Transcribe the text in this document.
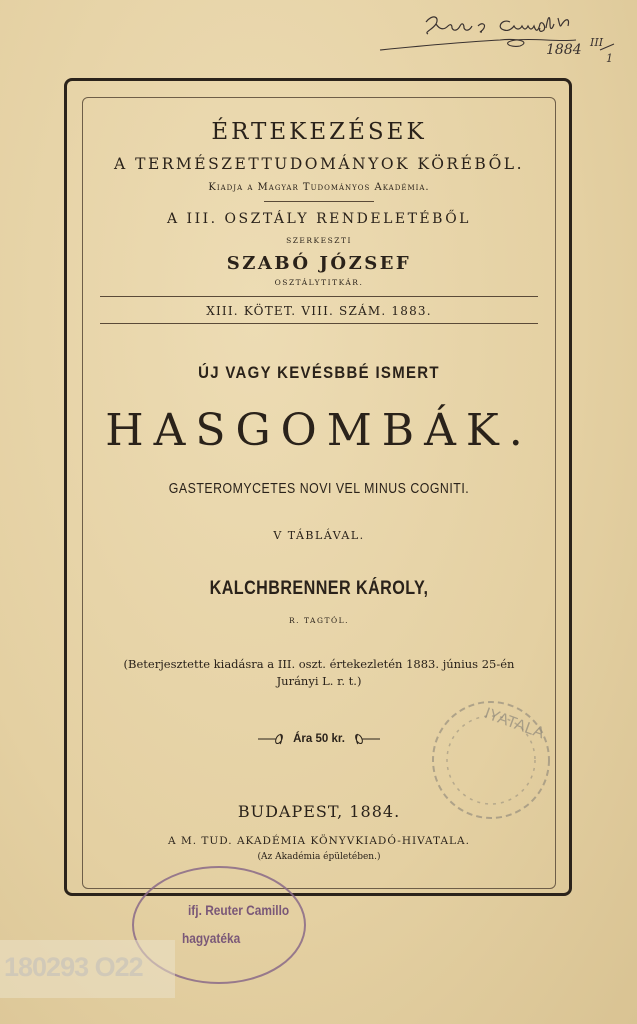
1884 III
1
ÉRTEKEZÉSEK
A TERMÉSZETTUDOMÁNYOK KÖRÉBŐL.
Kiadja a Magyar Tudományos Akadémia.
A III. OSZTÁLY RENDELETÉBŐL
SZERKESZTI
SZABÓ JÓZSEF
OSZTÁLYTITKÁR.
XIII. KÖTET. VIII. SZÁM. 1883.
ÚJ VAGY KEVÉSBBÉ ISMERT
HASGOMBÁK.
GASTEROMYCETES NOVI VEL MINUS COGNITI.
V TÁBLÁVAL.
KALCHBRENNER KÁROLY,
R. TAGTÓL.
(Beterjesztette kiadásra a III. oszt. értekezletén 1883. június 25-én
Jurányi L. r. t.)
Ára 50 kr.
BUDAPEST, 1884.
A M. TUD. AKADÉMIA KÖNYVKIADÓ-HIVATALA.
(Az Akadémia épületében.)
IYATALA
ifj. Reuter Camillo
hagyatéka
180293 O22
